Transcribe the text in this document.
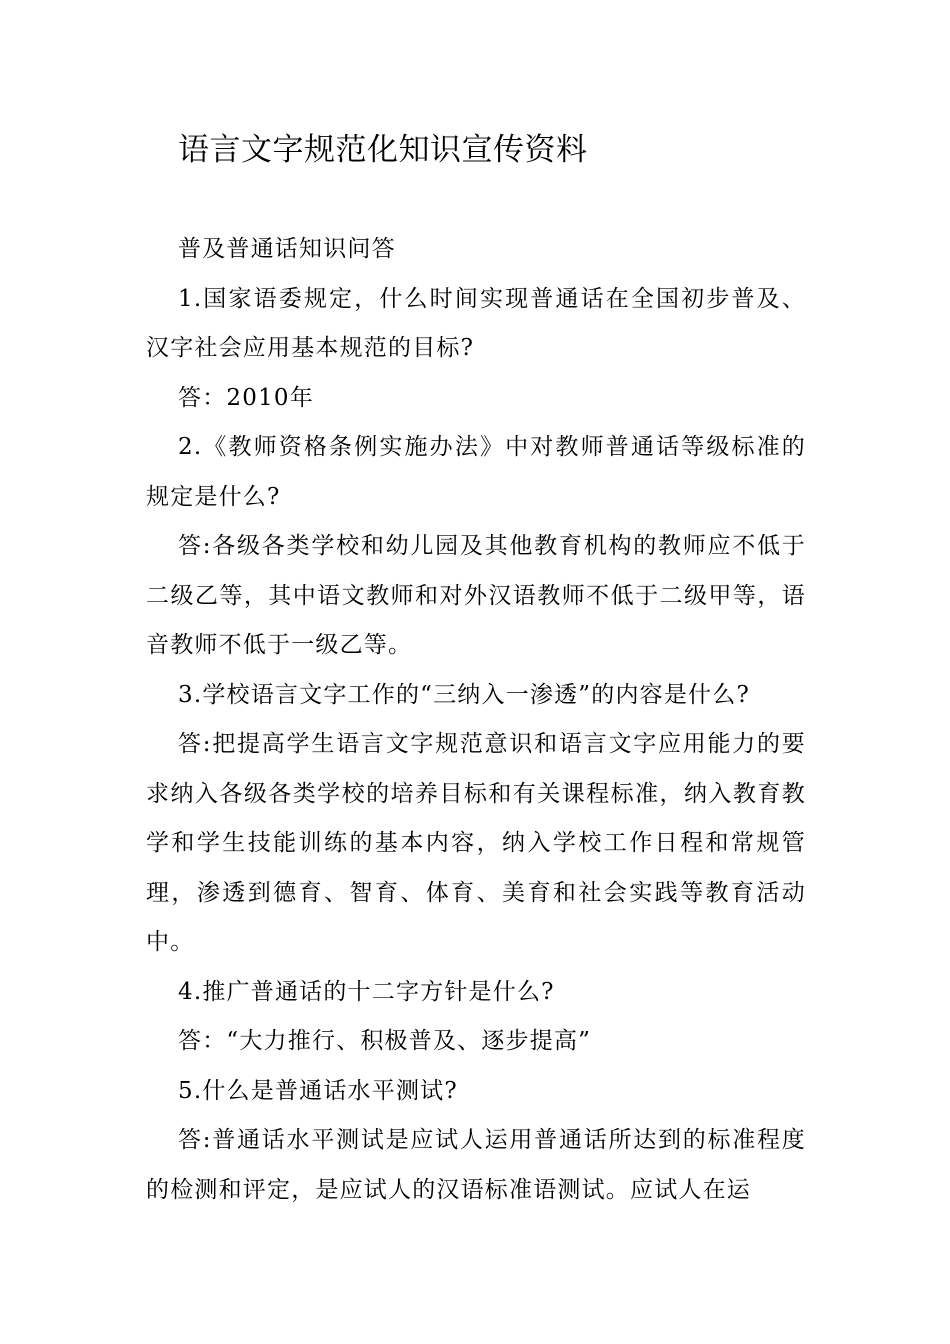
语言文字规范化知识宣传资料

普及普通话知识问答

1.国家语委规定，什么时间实现普通话在全国初步普及、汉字社会应用基本规范的目标?

答：2010年

2.《教师资格条例实施办法》中对教师普通话等级标准的规定是什么?

答:各级各类学校和幼儿园及其他教育机构的教师应不低于二级乙等，其中语文教师和对外汉语教师不低于二级甲等，语音教师不低于一级乙等。

3.学校语言文字工作的“三纳入一渗透”的内容是什么?

答:把提高学生语言文字规范意识和语言文字应用能力的要求纳入各级各类学校的培养目标和有关课程标准，纳入教育教学和学生技能训练的基本内容，纳入学校工作日程和常规管理，渗透到德育、智育、体育、美育和社会实践等教育活动中。

4.推广普通话的十二字方针是什么?

答：“大力推行、积极普及、逐步提高”

5.什么是普通话水平测试?

答:普通话水平测试是应试人运用普通话所达到的标准程度的检测和评定，是应试人的汉语标准语测试。应试人在运
